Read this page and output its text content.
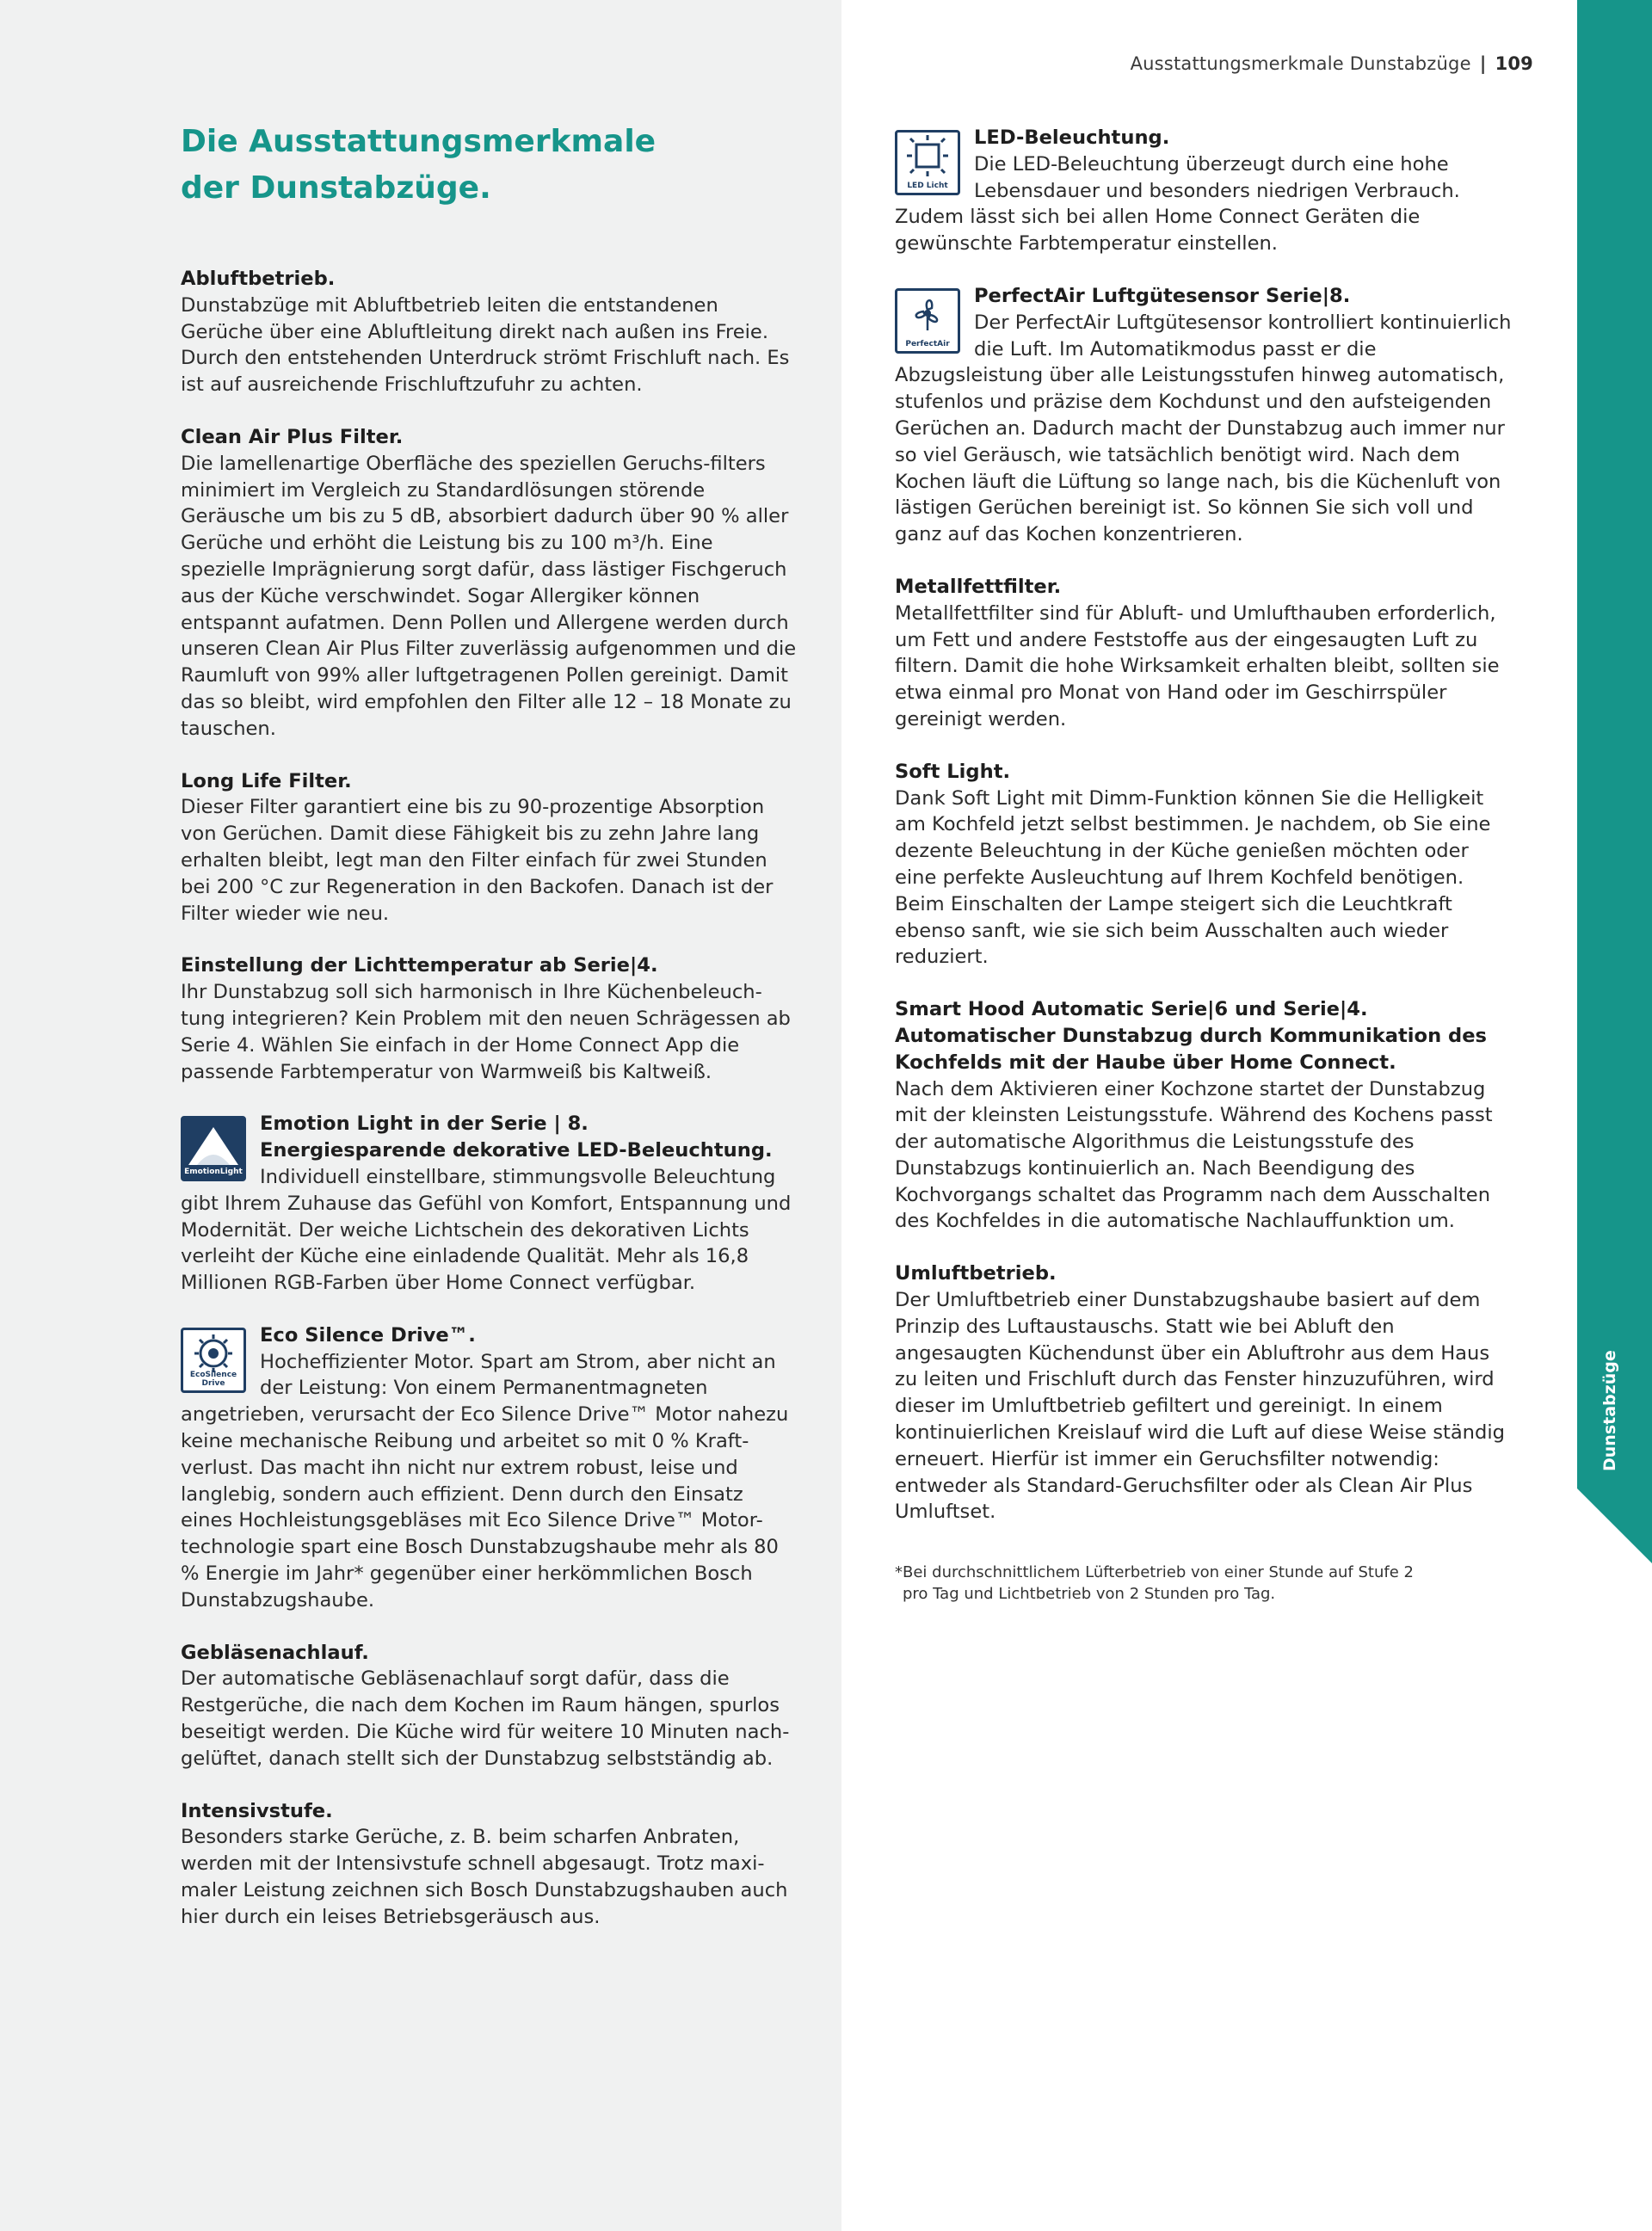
Dunstabzüge
Ausstattungsmerkmale Dunstabzüge | 109
Die Ausstattungsmerkmale
der Dunstabzüge.
Abluftbetrieb.

Dunstabzüge mit Abluftbetrieb leiten die entstandenen Gerüche über eine Abluftleitung direkt nach außen ins Freie. Durch den entstehenden Unterdruck strömt Frischluft nach. Es ist auf ausreichende Frischluftzufuhr zu achten.

Clean Air Plus Filter.

Die lamellenartige Oberfläche des speziellen Geruchs-filters minimiert im Vergleich zu Standardlösungen störende Geräusche um bis zu 5 dB, absorbiert dadurch über 90 % aller Gerüche und erhöht die Leistung bis zu 100 m³/h. Eine spezielle Imprägnierung sorgt dafür, dass lästiger Fischgeruch aus der Küche verschwindet. Sogar Allergiker können entspannt aufatmen. Denn Pollen und Allergene werden durch unseren Clean Air Plus Filter zuverlässig aufgenommen und die Raumluft von 99% aller luftgetragenen Pollen gereinigt. Damit das so bleibt, wird empfohlen den Filter alle 12 – 18 Monate zu tauschen.

Long Life Filter.

Dieser Filter garantiert eine bis zu 90-prozentige Absorption von Gerüchen. Damit diese Fähigkeit bis zu zehn Jahre lang erhalten bleibt, legt man den Filter einfach für zwei Stunden bei 200 °C zur Regeneration in den Backofen. Danach ist der Filter wieder wie neu.

Einstellung der Lichttemperatur ab Serie|4.

Ihr Dunstabzug soll sich harmonisch in Ihre Küchenbeleuch-tung integrieren? Kein Problem mit den neuen Schrägessen ab Serie 4. Wählen Sie einfach in der Home Connect App die passende Farbtemperatur von Warmweiß bis Kaltweiß.

EmotionLight
Emotion Light in der Serie | 8.
Energiesparende dekorative LED-Beleuchtung.

Individuell einstellbare, stimmungsvolle Beleuchtung gibt Ihrem Zuhause das Gefühl von Komfort, Entspannung und Modernität. Der weiche Lichtschein des dekorativen Lichts verleiht der Küche eine einladende Qualität. Mehr als 16,8 Millionen RGB-Farben über Home Connect verfügbar.

EcoSilence Drive
Eco Silence Drive™.

Hocheffizienter Motor. Spart am Strom, aber nicht an der Leistung: Von einem Permanentmagneten angetrieben, verursacht der Eco Silence Drive™ Motor nahezu keine mechanische Reibung und arbeitet so mit 0 % Kraft-verlust. Das macht ihn nicht nur extrem robust, leise und langlebig, sondern auch effizient. Denn durch den Einsatz eines Hochleistungsgebläses mit Eco Silence Drive™ Motor-technologie spart eine Bosch Dunstabzugshaube mehr als 80 % Energie im Jahr* gegenüber einer herkömmlichen Bosch Dunstabzugshaube.

Gebläsenachlauf.

Der automatische Gebläsenachlauf sorgt dafür, dass die Restgerüche, die nach dem Kochen im Raum hängen, spurlos beseitigt werden. Die Küche wird für weitere 10 Minuten nach-gelüftet, danach stellt sich der Dunstabzug selbstständig ab.

Intensivstufe.

Besonders starke Gerüche, z. B. beim scharfen Anbraten, werden mit der Intensivstufe schnell abgesaugt. Trotz maxi-maler Leistung zeichnen sich Bosch Dunstabzugshauben auch hier durch ein leises Betriebsgeräusch aus.

LED Licht
LED-Beleuchtung.

Die LED-Beleuchtung überzeugt durch eine hohe Lebensdauer und besonders niedrigen Verbrauch. Zudem lässt sich bei allen Home Connect Geräten die gewünschte Farbtemperatur einstellen.

PerfectAir
PerfectAir Luftgütesensor Serie|8.

Der PerfectAir Luftgütesensor kontrolliert kontinuierlich die Luft. Im Automatikmodus passt er die Abzugsleistung über alle Leistungsstufen hinweg automatisch, stufenlos und präzise dem Kochdunst und den aufsteigenden Gerüchen an. Dadurch macht der Dunstabzug auch immer nur so viel Geräusch, wie tatsächlich benötigt wird. Nach dem Kochen läuft die Lüftung so lange nach, bis die Küchenluft von lästigen Gerüchen bereinigt ist. So können Sie sich voll und ganz auf das Kochen konzentrieren.

Metallfettfilter.

Metallfettfilter sind für Abluft- und Umlufthauben erforderlich, um Fett und andere Feststoffe aus der eingesaugten Luft zu filtern. Damit die hohe Wirksamkeit erhalten bleibt, sollten sie etwa einmal pro Monat von Hand oder im Geschirrspüler gereinigt werden.

Soft Light.

Dank Soft Light mit Dimm-Funktion können Sie die Helligkeit am Kochfeld jetzt selbst bestimmen. Je nachdem, ob Sie eine dezente Beleuchtung in der Küche genießen möchten oder eine perfekte Ausleuchtung auf Ihrem Kochfeld benötigen. Beim Einschalten der Lampe steigert sich die Leuchtkraft ebenso sanft, wie sie sich beim Ausschalten auch wieder reduziert.

Smart Hood Automatic Serie|6 und Serie|4.
Automatischer Dunstabzug durch Kommunikation des Kochfelds mit der Haube über Home Connect.

Nach dem Aktivieren einer Kochzone startet der Dunstabzug mit der kleinsten Leistungsstufe. Während des Kochens passt der automatische Algorithmus die Leistungsstufe des Dunstabzugs kontinuierlich an. Nach Beendigung des Kochvorgangs schaltet das Programm nach dem Ausschalten des Kochfeldes in die automatische Nachlauffunktion um.

Umluftbetrieb.

Der Umluftbetrieb einer Dunstabzugshaube basiert auf dem Prinzip des Luftaustauschs. Statt wie bei Abluft den angesaugten Küchendunst über ein Abluftrohr aus dem Haus zu leiten und Frischluft durch das Fenster hinzuzuführen, wird dieser im Umluftbetrieb gefiltert und gereinigt. In einem kontinuierlichen Kreislauf wird die Luft auf diese Weise ständig erneuert. Hierfür ist immer ein Geruchsfilter notwendig: entweder als Standard-Geruchsfilter oder als Clean Air Plus Umluftset.

*Bei durchschnittlichem Lüfterbetrieb von einer Stunde auf Stufe 2
pro Tag und Lichtbetrieb von 2 Stunden pro Tag.
